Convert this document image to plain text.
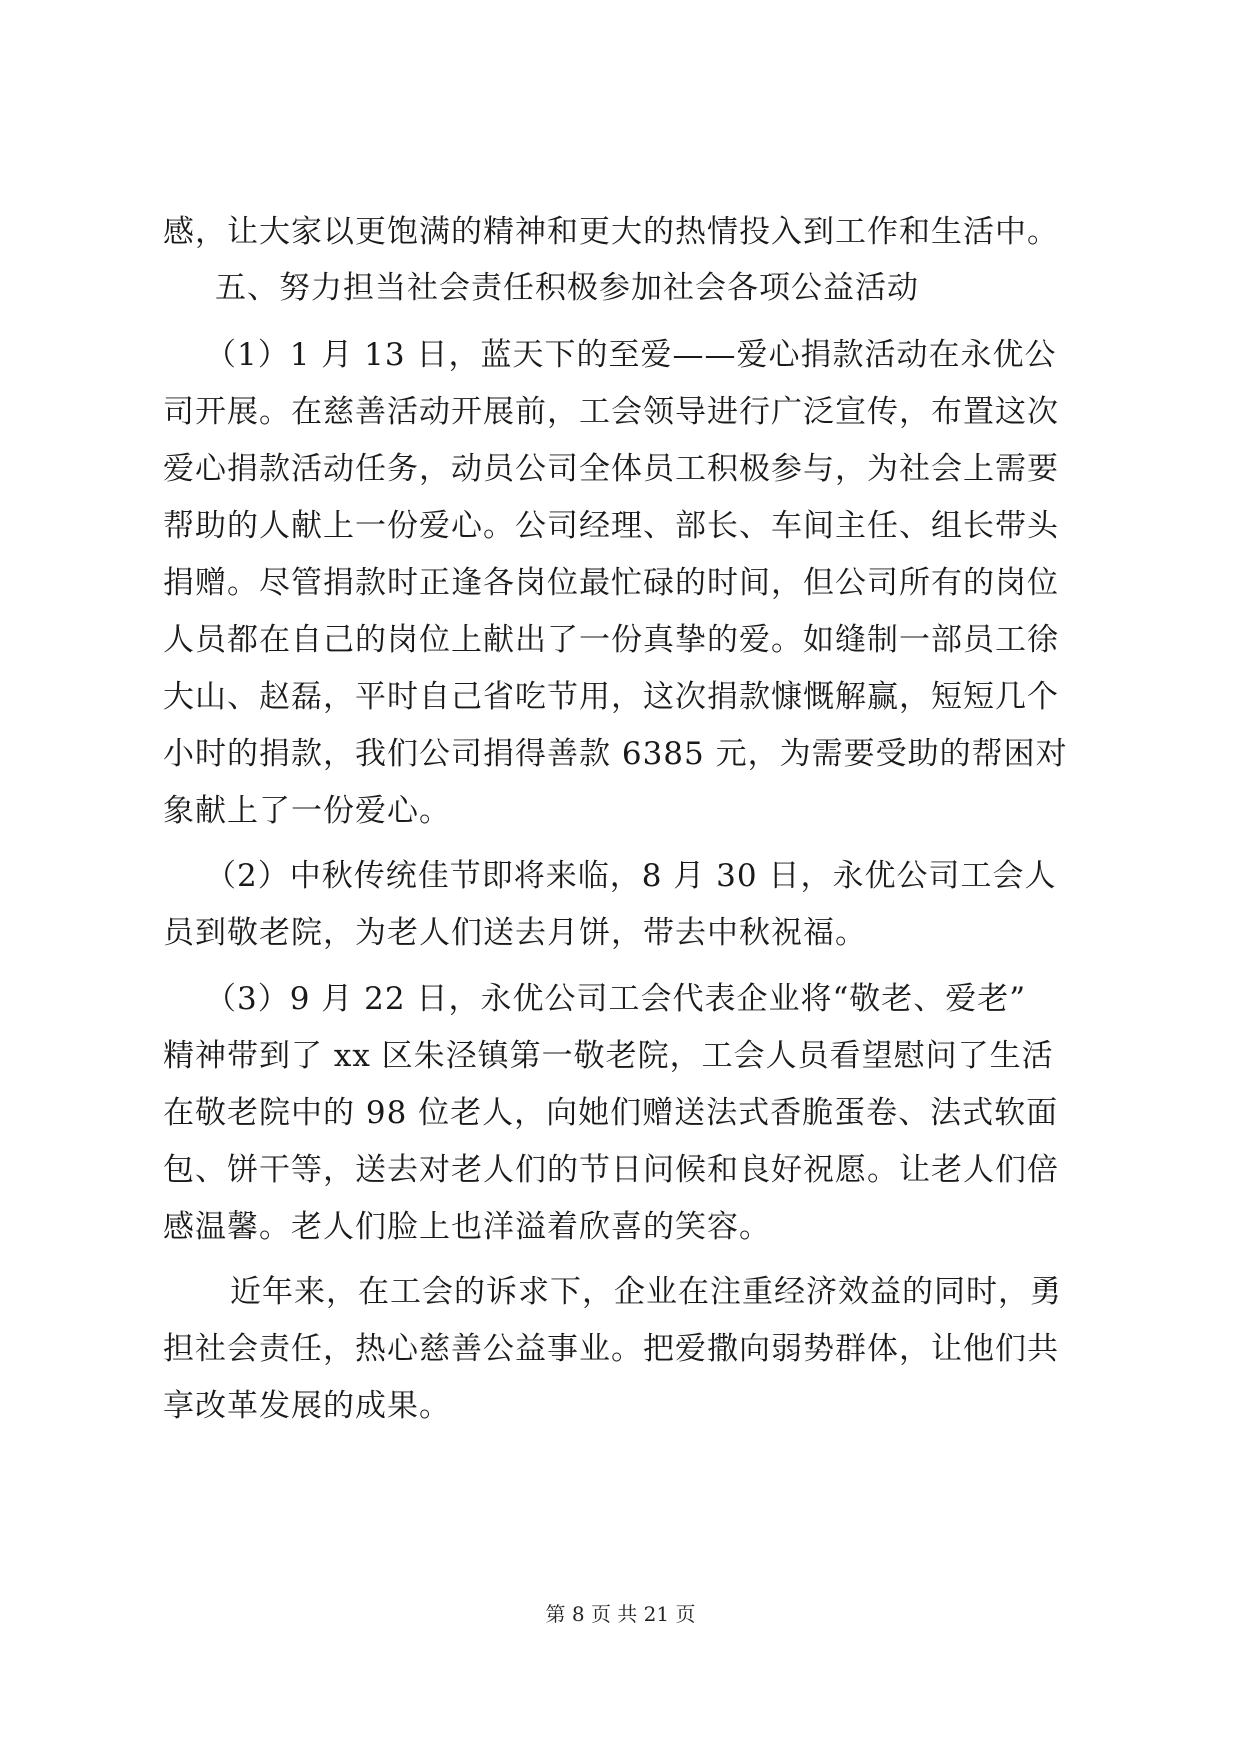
感，让大家以更饱满的精神和更大的热情投入到工作和生活中。
五、努力担当社会责任积极参加社会各项公益活动
（1）1 月 13 日，蓝天下的至爱——爱心捐款活动在永优公
司开展。在慈善活动开展前，工会领导进行广泛宣传，布置这次
爱心捐款活动任务，动员公司全体员工积极参与，为社会上需要
帮助的人献上一份爱心。公司经理、部长、车间主任、组长带头
捐赠。尽管捐款时正逢各岗位最忙碌的时间，但公司所有的岗位
人员都在自己的岗位上献出了一份真挚的爱。如缝制一部员工徐
大山、赵磊，平时自己省吃节用，这次捐款慷慨解赢，短短几个
小时的捐款，我们公司捐得善款 6385 元，为需要受助的帮困对
象献上了一份爱心。
（2）中秋传统佳节即将来临，8 月 30 日，永优公司工会人
员到敬老院，为老人们送去月饼，带去中秋祝福。
（3）9 月 22 日，永优公司工会代表企业将“敬老、爱老”
精神带到了 xx 区朱泾镇第一敬老院，工会人员看望慰问了生活
在敬老院中的 98 位老人，向她们赠送法式香脆蛋卷、法式软面
包、饼干等，送去对老人们的节日问候和良好祝愿。让老人们倍
感温馨。老人们脸上也洋溢着欣喜的笑容。
近年来，在工会的诉求下，企业在注重经济效益的同时，勇
担社会责任，热心慈善公益事业。把爱撒向弱势群体，让他们共
享改革发展的成果。
第 8 页 共 21 页
